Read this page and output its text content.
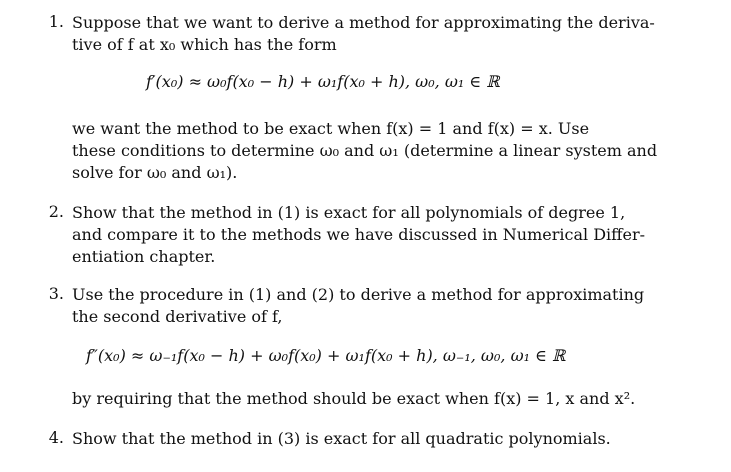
1. Suppose that we want to derive a method for approximating the deriva-
tive of f at x₀ which has the form
f′(x₀) ≈ ω₀f(x₀ − h) + ω₁f(x₀ + h), ω₀, ω₁ ∈ ℝ
we want the method to be exact when f(x) = 1 and f(x) = x. Use
these conditions to determine ω₀ and ω₁ (determine a linear system and
solve for ω₀ and ω₁).
2. Show that the method in (1) is exact for all polynomials of degree 1,
and compare it to the methods we have discussed in Numerical Differ-
entiation chapter.
3. Use the procedure in (1) and (2) to derive a method for approximating
the second derivative of f,
f″(x₀) ≈ ω₋₁f(x₀ − h) + ω₀f(x₀) + ω₁f(x₀ + h), ω₋₁, ω₀, ω₁ ∈ ℝ
by requiring that the method should be exact when f(x) = 1, x and x².
4. Show that the method in (3) is exact for all quadratic polynomials.
